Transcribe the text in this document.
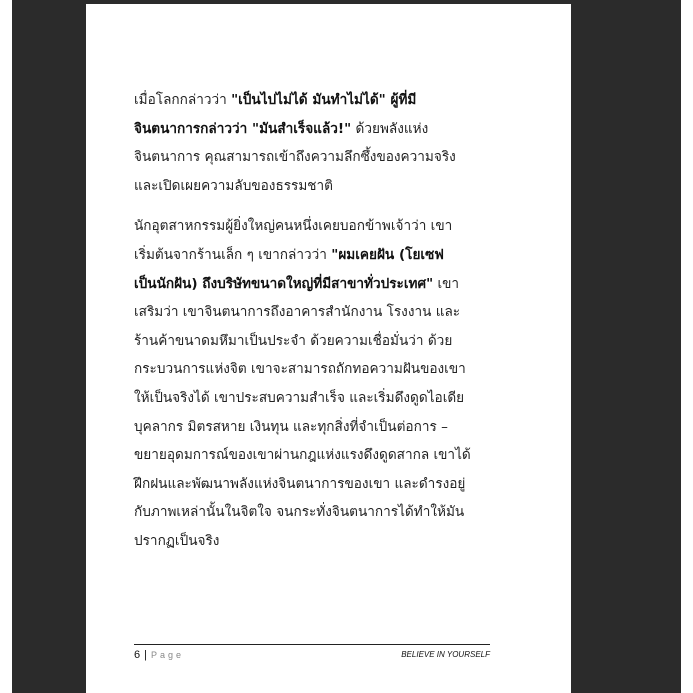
เมื่อโลกกล่าวว่า "เป็นไปไม่ได้ มันทำไม่ได้" ผู้ที่มี
จินตนาการกล่าวว่า "มันสำเร็จแล้ว!" ด้วยพลังแห่ง
จินตนาการ คุณสามารถเข้าถึงความลึกซึ้งของความจริง
และเปิดเผยความลับของธรรมชาติ
นักอุตสาหกรรมผู้ยิ่งใหญ่คนหนึ่งเคยบอกข้าพเจ้าว่า เขา
เริ่มต้นจากร้านเล็ก ๆ เขากล่าวว่า "ผมเคยฝัน (โยเซฟ
เป็นนักฝัน) ถึงบริษัทขนาดใหญ่ที่มีสาขาทั่วประเทศ" เขา
เสริมว่า เขาจินตนาการถึงอาคารสำนักงาน โรงงาน และ
ร้านค้าขนาดมหึมาเป็นประจำ ด้วยความเชื่อมั่นว่า ด้วย
กระบวนการแห่งจิต เขาจะสามารถถักทอความฝันของเขา
ให้เป็นจริงได้ เขาประสบความสำเร็จ และเริ่มดึงดูดไอเดีย
บุคลากร มิตรสหาย เงินทุน และทุกสิ่งที่จำเป็นต่อการ –
ขยายอุดมการณ์ของเขาผ่านกฎแห่งแรงดึงดูดสากล เขาได้
ฝึกฝนและพัฒนาพลังแห่งจินตนาการของเขา และดำรงอยู่
กับภาพเหล่านั้นในจิตใจ จนกระทั่งจินตนาการได้ทำให้มัน
ปรากฏเป็นจริง
6 | Page	BELIEVE IN YOURSELF
